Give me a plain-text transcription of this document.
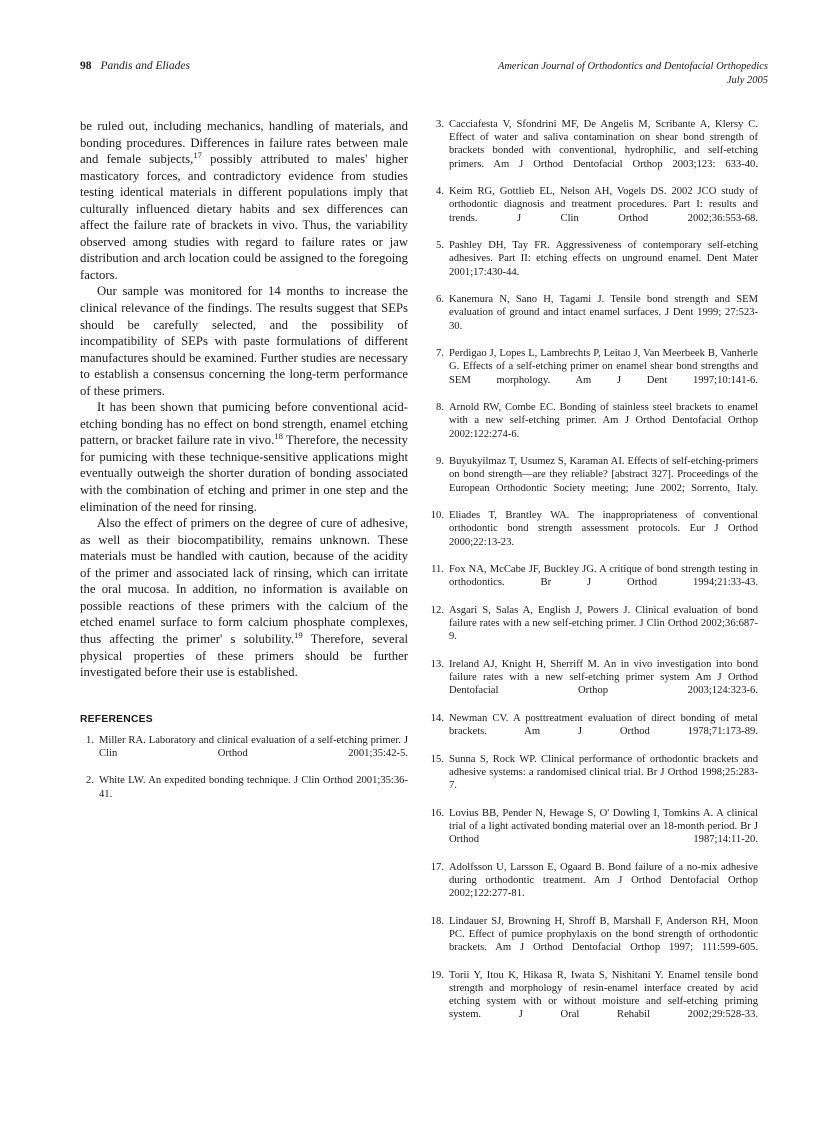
98 Pandis and Eliades	American Journal of Orthodontics and Dentofacial Orthopedics
July 2005

be ruled out, including mechanics, handling of materials, and bonding procedures. Differences in failure rates between male and female subjects,$^{17}$ possibly attributed to males' higher masticatory forces, and contradictory evidence from studies testing identical materials in different populations imply that culturally influenced dietary habits and sex differences can affect the failure rate of brackets in vivo. Thus, the variability observed among studies with regard to failure rates or jaw distribution and arch location could be assigned to the foregoing factors.

Our sample was monitored for 14 months to increase the clinical relevance of the findings. The results suggest that SEPs should be carefully selected, and the possibility of incompatibility of SEPs with paste formulations of different manufactures should be examined. Further studies are necessary to establish a consensus concerning the long-term performance of these primers.

It has been shown that pumicing before conventional acid-etching bonding has no effect on bond strength, enamel etching pattern, or bracket failure rate in vivo.$^{18}$ Therefore, the necessity for pumicing with these technique-sensitive applications might eventually outweigh the shorter duration of bonding associated with the combination of etching and primer in one step and the elimination of the need for rinsing.

Also the effect of primers on the degree of cure of adhesive, as well as their biocompatibility, remains unknown. These materials must be handled with caution, because of the acidity of the primer and associated lack of rinsing, which can irritate the oral mucosa. In addition, no information is available on possible reactions of these primers with the calcium of the etched enamel surface to form calcium phosphate complexes, thus affecting the primer' s solubility.$^{19}$ Therefore, several physical properties of these primers should be further investigated before their use is established.

REFERENCES
1. Miller RA. Laboratory and clinical evaluation of a self-etching primer. J Clin Orthod 2001;35:42-5.
2. White LW. An expedited bonding technique. J Clin Orthod 2001;35:36-41.
3. Cacciafesta V, Sfondrini MF, De Angelis M, Scribante A, Klersy C. Effect of water and saliva contamination on shear bond strength of brackets bonded with conventional, hydrophilic, and self-etching primers. Am J Orthod Dentofacial Orthop 2003;123: 633-40.
4. Keim RG, Gottlieb EL, Nelson AH, Vogels DS. 2002 JCO study of orthodontic diagnosis and treatment procedures. Part I: results and trends. J Clin Orthod 2002;36:553-68.
5. Pashley DH, Tay FR. Aggressiveness of contemporary self-etching adhesives. Part II: etching effects on unground enamel. Dent Mater 2001;17:430-44.
6. Kanemura N, Sano H, Tagami J. Tensile bond strength and SEM evaluation of ground and intact enamel surfaces. J Dent 1999; 27:523-30.
7. Perdigao J, Lopes L, Lambrechts P, Leitao J, Van Meerbeek B, Vanherle G. Effects of a self-etching primer on enamel shear bond strengths and SEM morphology. Am J Dent 1997;10:141-6.
8. Arnold RW, Combe EC. Bonding of stainless steel brackets to enamel with a new self-etching primer. Am J Orthod Dentofacial Orthop 2002:122:274-6.
9. Buyukyilmaz T, Usumez S, Karaman AI. Effects of self-etching-primers on bond strength—are they reliable? [abstract 327]. Proceedings of the European Orthodontic Society meeting; June 2002; Sorrento, Italy.
10. Eliades T, Brantley WA. The inappropriateness of conventional orthodontic bond strength assessment protocols. Eur J Orthod 2000;22:13-23.
11. Fox NA, McCabe JF, Buckley JG. A critique of bond strength testing in orthodontics. Br J Orthod 1994;21:33-43.
12. Asgari S, Salas A, English J, Powers J. Clinical evaluation of bond failure rates with a new self-etching primer. J Clin Orthod 2002;36:687-9.
13. Ireland AJ, Knight H, Sherriff M. An in vivo investigation into bond failure rates with a new self-etching primer system Am J Orthod Dentofacial Orthop 2003;124:323-6.
14. Newman CV. A posttreatment evaluation of direct bonding of metal brackets. Am J Orthod 1978;71:173-89.
15. Sunna S, Rock WP. Clinical performance of orthodontic brackets and adhesive systems: a randomised clinical trial. Br J Orthod 1998;25:283-7.
16. Lovius BB, Pender N, Hewage S, O' Dowling I, Tomkins A. A clinical trial of a light activated bonding material over an 18-month period. Br J Orthod 1987;14:11-20.
17. Adolfsson U, Larsson E, Ogaard B. Bond failure of a no-mix adhesive during orthodontic treatment. Am J Orthod Dentofacial Orthop 2002;122:277-81.
18. Lindauer SJ, Browning H, Shroff B, Marshall F, Anderson RH, Moon PC. Effect of pumice prophylaxis on the bond strength of orthodontic brackets. Am J Orthod Dentofacial Orthop 1997; 111:599-605.
19. Torii Y, Itou K, Hikasa R, Iwata S, Nishitani Y. Enamel tensile bond strength and morphology of resin-enamel interface created by acid etching system with or without moisture and self-etching priming system. J Oral Rehabil 2002;29:528-33.
